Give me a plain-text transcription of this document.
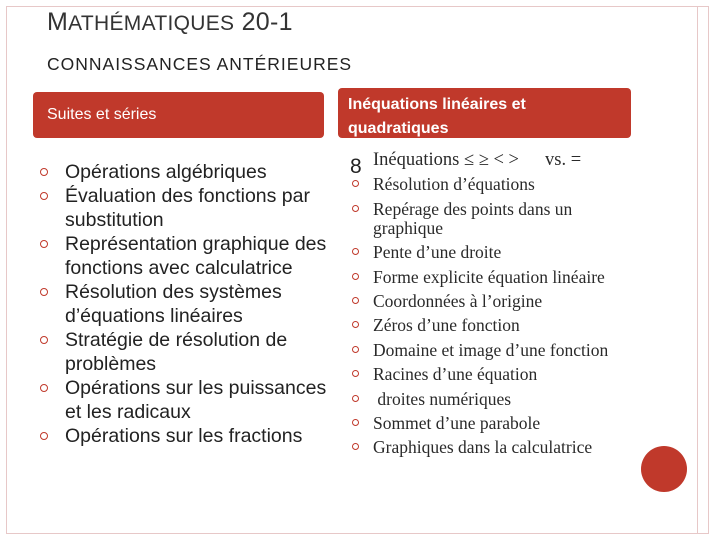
MATHÉMATIQUES 20-1
CONNAISSANCES ANTÉRIEURES
Suites et séries
Inéquations linéaires et
quadratiques
Opérations algébriques
Évaluation des fonctions par substitution
Représentation graphique des fonctions avec calculatrice
Résolution des systèmes d’équations linéaires
Stratégie de résolution de problèmes
Opérations sur les puissances et les radicaux
Opérations sur les fractions
8 Inéquations ≤ ≥ < > vs. =
Résolution d’équations
Repérage des points dans un graphique
Pente d’une droite
Forme explicite équation linéaire
Coordonnées à l’origine
Zéros d’une fonction
Domaine et image d’une fonction
Racines d’une équation
droites numériques
Sommet d’une parabole
Graphiques dans la calculatrice
